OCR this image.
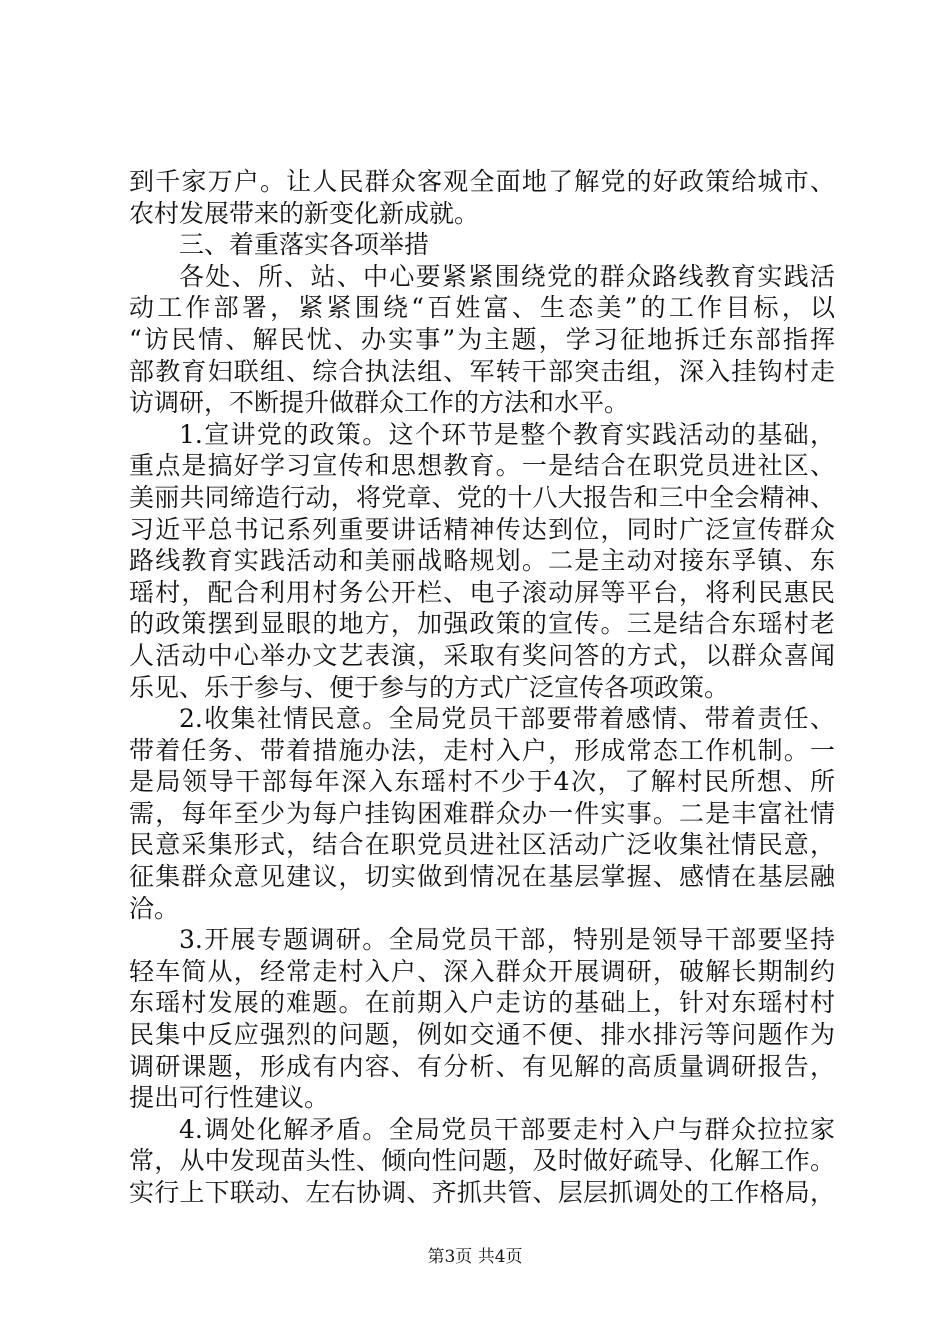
到千家万户。让人民群众客观全面地了解党的好政策给城市、
农村发展带来的新变化新成就。
三、着重落实各项举措
各处、所、站、中心要紧紧围绕党的群众路线教育实践活
动工作部署，紧紧围绕“百姓富、生态美”的工作目标，以
“访民情、解民忧、办实事”为主题，学习征地拆迁东部指挥
部教育妇联组、综合执法组、军转干部突击组，深入挂钩村走
访调研，不断提升做群众工作的方法和水平。
1.宣讲党的政策。这个环节是整个教育实践活动的基础，
重点是搞好学习宣传和思想教育。一是结合在职党员进社区、
美丽共同缔造行动，将党章、党的十八大报告和三中全会精神、
习近平总书记系列重要讲话精神传达到位，同时广泛宣传群众
路线教育实践活动和美丽战略规划。二是主动对接东孚镇、东
瑶村，配合利用村务公开栏、电子滚动屏等平台，将利民惠民
的政策摆到显眼的地方，加强政策的宣传。三是结合东瑶村老
人活动中心举办文艺表演，采取有奖问答的方式，以群众喜闻
乐见、乐于参与、便于参与的方式广泛宣传各项政策。
2.收集社情民意。全局党员干部要带着感情、带着责任、
带着任务、带着措施办法，走村入户，形成常态工作机制。一
是局领导干部每年深入东瑶村不少于4次，了解村民所想、所
需，每年至少为每户挂钩困难群众办一件实事。二是丰富社情
民意采集形式，结合在职党员进社区活动广泛收集社情民意，
征集群众意见建议，切实做到情况在基层掌握、感情在基层融
洽。
3.开展专题调研。全局党员干部，特别是领导干部要坚持
轻车简从，经常走村入户、深入群众开展调研，破解长期制约
东瑶村发展的难题。在前期入户走访的基础上，针对东瑶村村
民集中反应强烈的问题，例如交通不便、排水排污等问题作为
调研课题，形成有内容、有分析、有见解的高质量调研报告，
提出可行性建议。
4.调处化解矛盾。全局党员干部要走村入户与群众拉拉家
常，从中发现苗头性、倾向性问题，及时做好疏导、化解工作。
实行上下联动、左右协调、齐抓共管、层层抓调处的工作格局，
第3页 共4页
